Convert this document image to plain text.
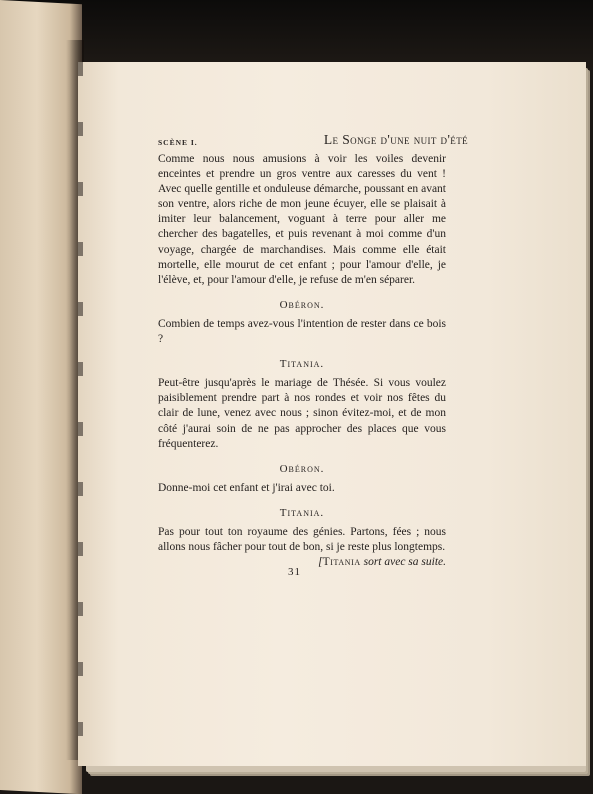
SCÈNE I.	Le Songe d'une nuit d'été

Comme nous nous amusions à voir les voiles devenir enceintes et prendre un gros ventre aux caresses du vent ! Avec quelle gentille et onduleuse démarche, poussant en avant son ventre, alors riche de mon jeune écuyer, elle se plaisait à imiter leur balancement, voguant à terre pour aller me chercher des bagatelles, et puis revenant à moi comme d'un voyage, chargée de marchandises. Mais comme elle était mortelle, elle mourut de cet enfant ; pour l'amour d'elle, je l'élève, et, pour l'amour d'elle, je refuse de m'en séparer.

Obéron.

Combien de temps avez-vous l'intention de rester dans ce bois ?

Titania.

Peut-être jusqu'après le mariage de Thésée. Si vous voulez paisiblement prendre part à nos rondes et voir nos fêtes du clair de lune, venez avec nous ; sinon évitez-moi, et de mon côté j'aurai soin de ne pas approcher des places que vous fréquenterez.

Obéron.

Donne-moi cet enfant et j'irai avec toi.

Titania.

Pas pour tout ton royaume des génies. Partons, fées ; nous allons nous fâcher pour tout de bon, si je reste plus longtemps.

[Titania sort avec sa suite.
31
